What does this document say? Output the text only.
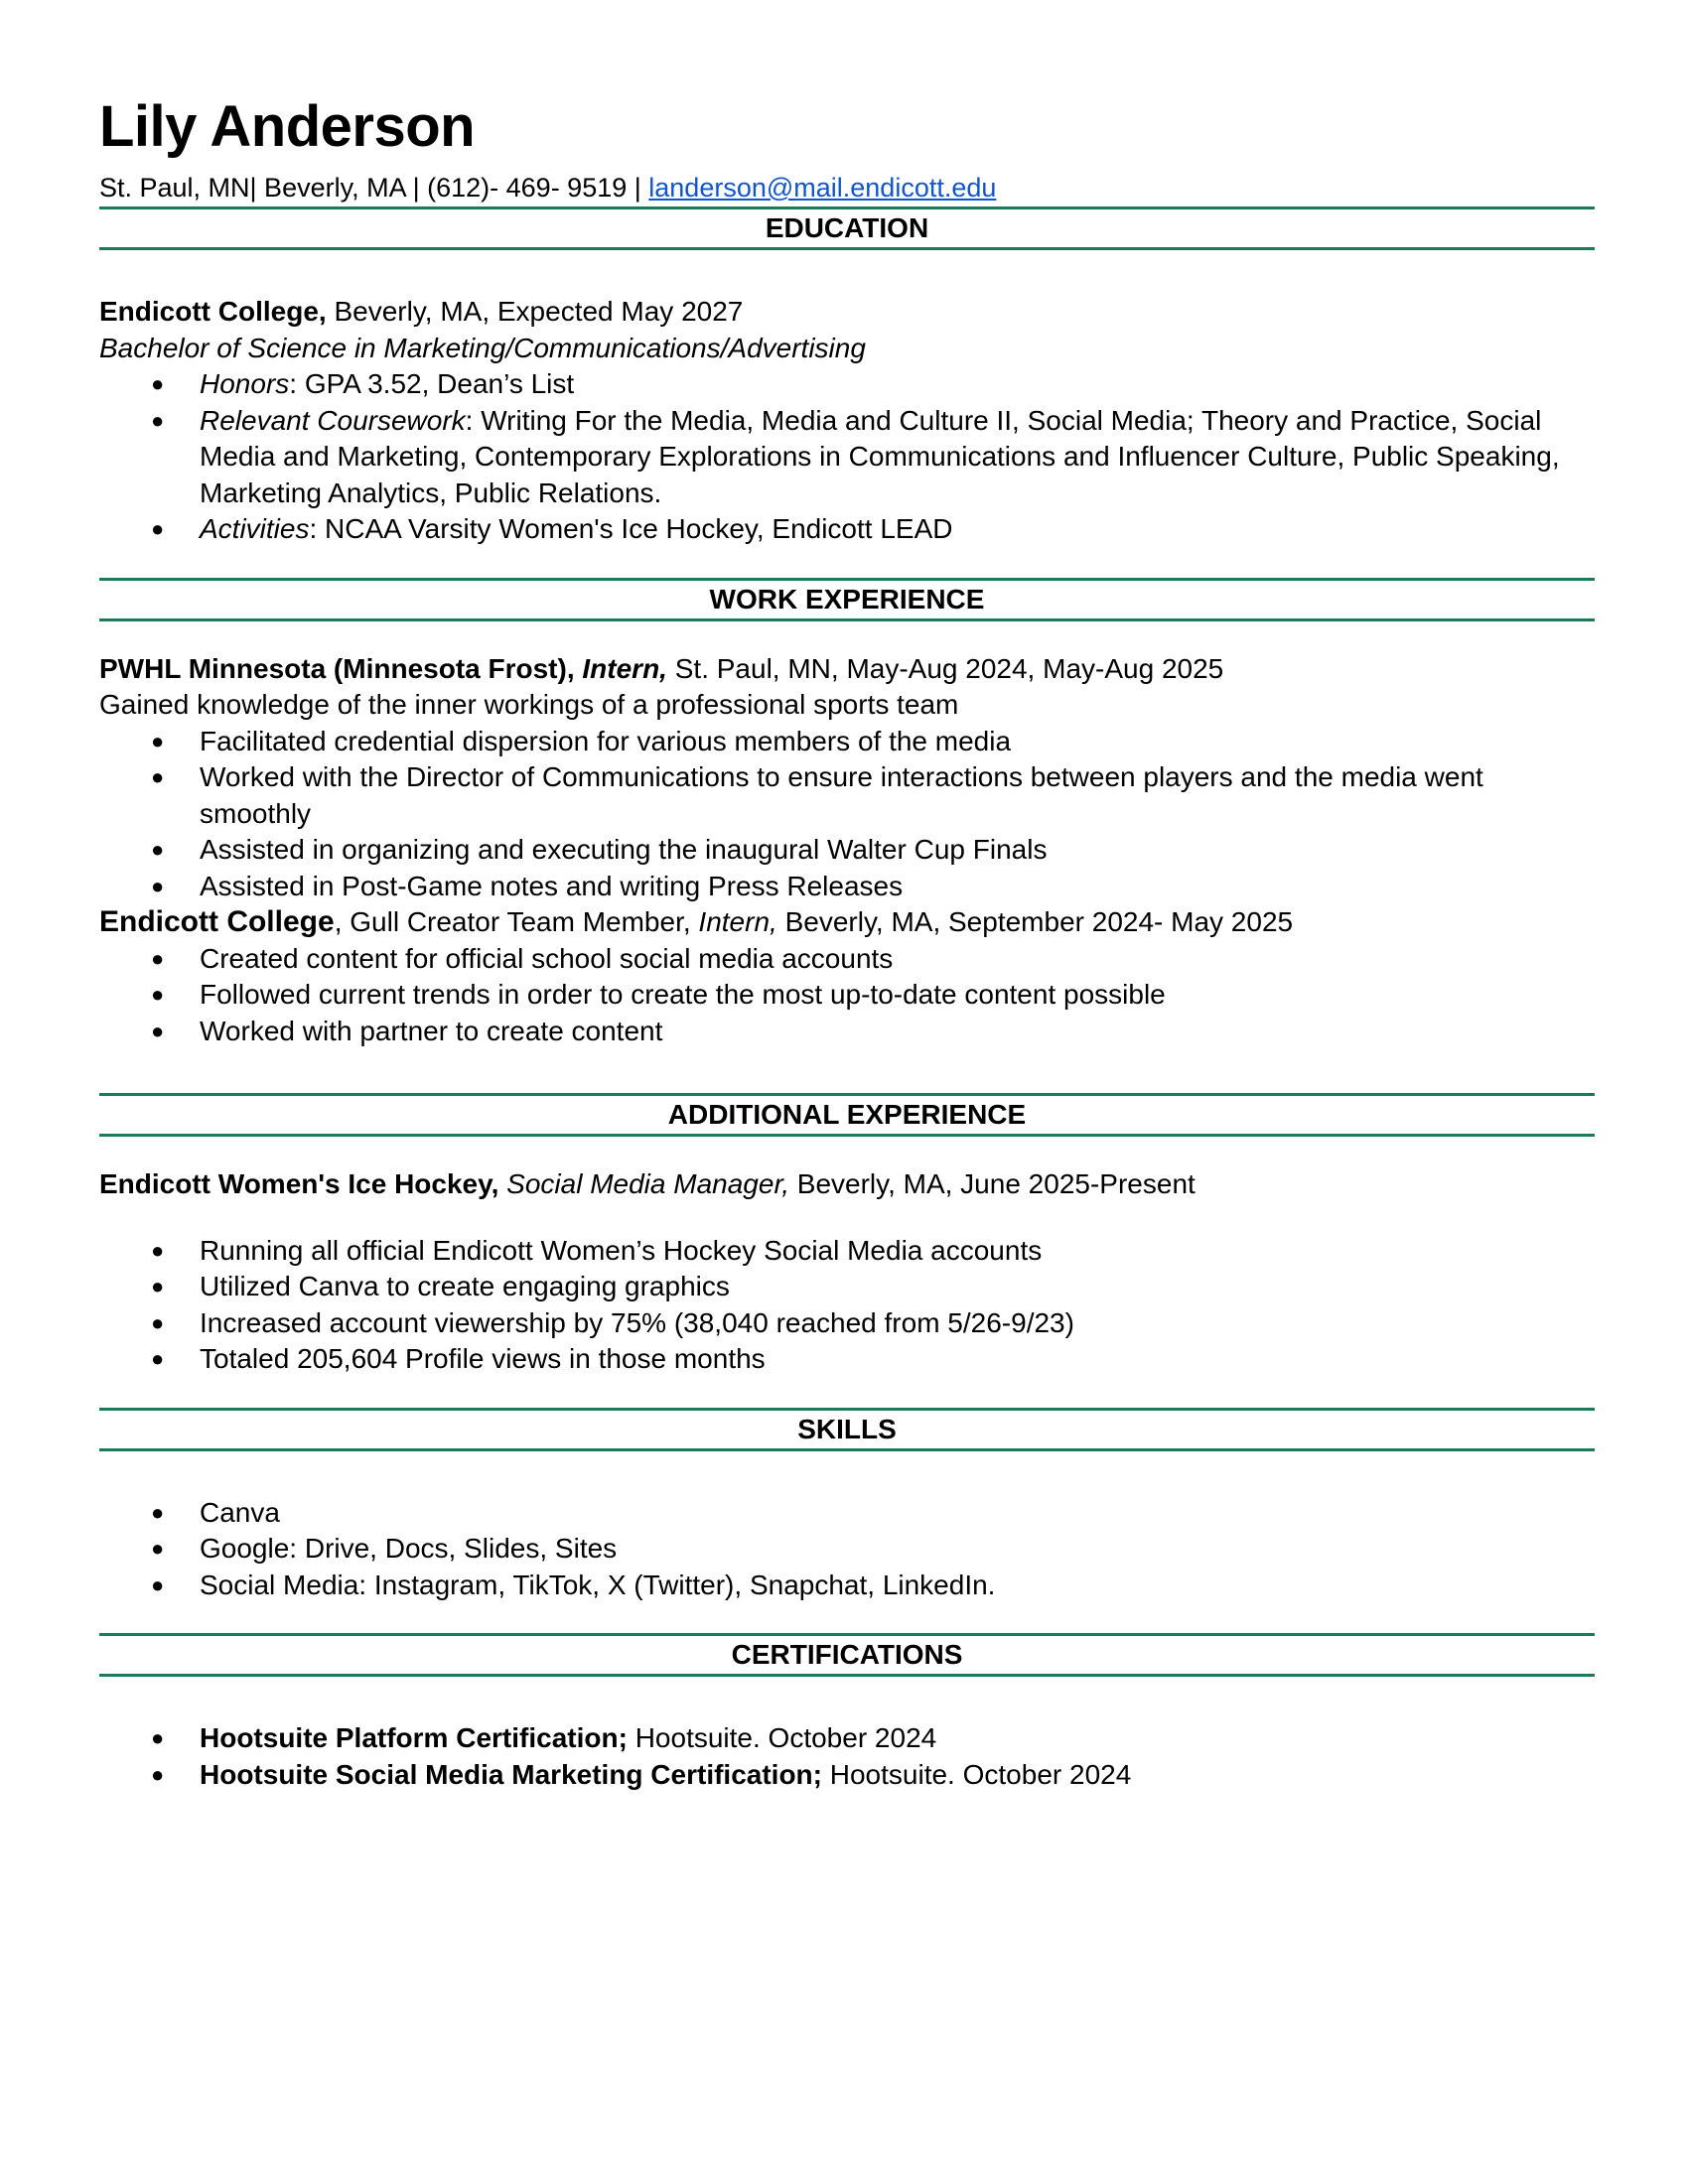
Lily Anderson
St. Paul, MN| Beverly, MA | (612)- 469- 9519 | landerson@mail.endicott.edu
EDUCATION

Endicott College, Beverly, MA, Expected May 2027

Bachelor of Science in Marketing/Communications/Advertising

● Honors: GPA 3.52, Dean’s List
● Relevant Coursework: Writing For the Media, Media and Culture II, Social Media; Theory and Practice, Social Media and Marketing, Contemporary Explorations in Communications and Influencer Culture, Public Speaking, Marketing Analytics, Public Relations.
● Activities: NCAA Varsity Women's Ice Hockey, Endicott LEAD
WORK EXPERIENCE

PWHL Minnesota (Minnesota Frost), Intern, St. Paul, MN, May-Aug 2024, May-Aug 2025

Gained knowledge of the inner workings of a professional sports team

● Facilitated credential dispersion for various members of the media
● Worked with the Director of Communications to ensure interactions between players and the media went smoothly
● Assisted in organizing and executing the inaugural Walter Cup Finals
● Assisted in Post-Game notes and writing Press Releases

Endicott College, Gull Creator Team Member, Intern, Beverly, MA, September 2024- May 2025

● Created content for official school social media accounts
● Followed current trends in order to create the most up-to-date content possible
● Worked with partner to create content
ADDITIONAL EXPERIENCE

Endicott Women's Ice Hockey, Social Media Manager, Beverly, MA, June 2025-Present

● Running all official Endicott Women’s Hockey Social Media accounts
● Utilized Canva to create engaging graphics
● Increased account viewership by 75% (38,040 reached from 5/26-9/23)
● Totaled 205,604 Profile views in those months
SKILLS
● Canva
● Google: Drive, Docs, Slides, Sites
● Social Media: Instagram, TikTok, X (Twitter), Snapchat, LinkedIn.
CERTIFICATIONS
● Hootsuite Platform Certification; Hootsuite. October 2024
● Hootsuite Social Media Marketing Certification; Hootsuite. October 2024
